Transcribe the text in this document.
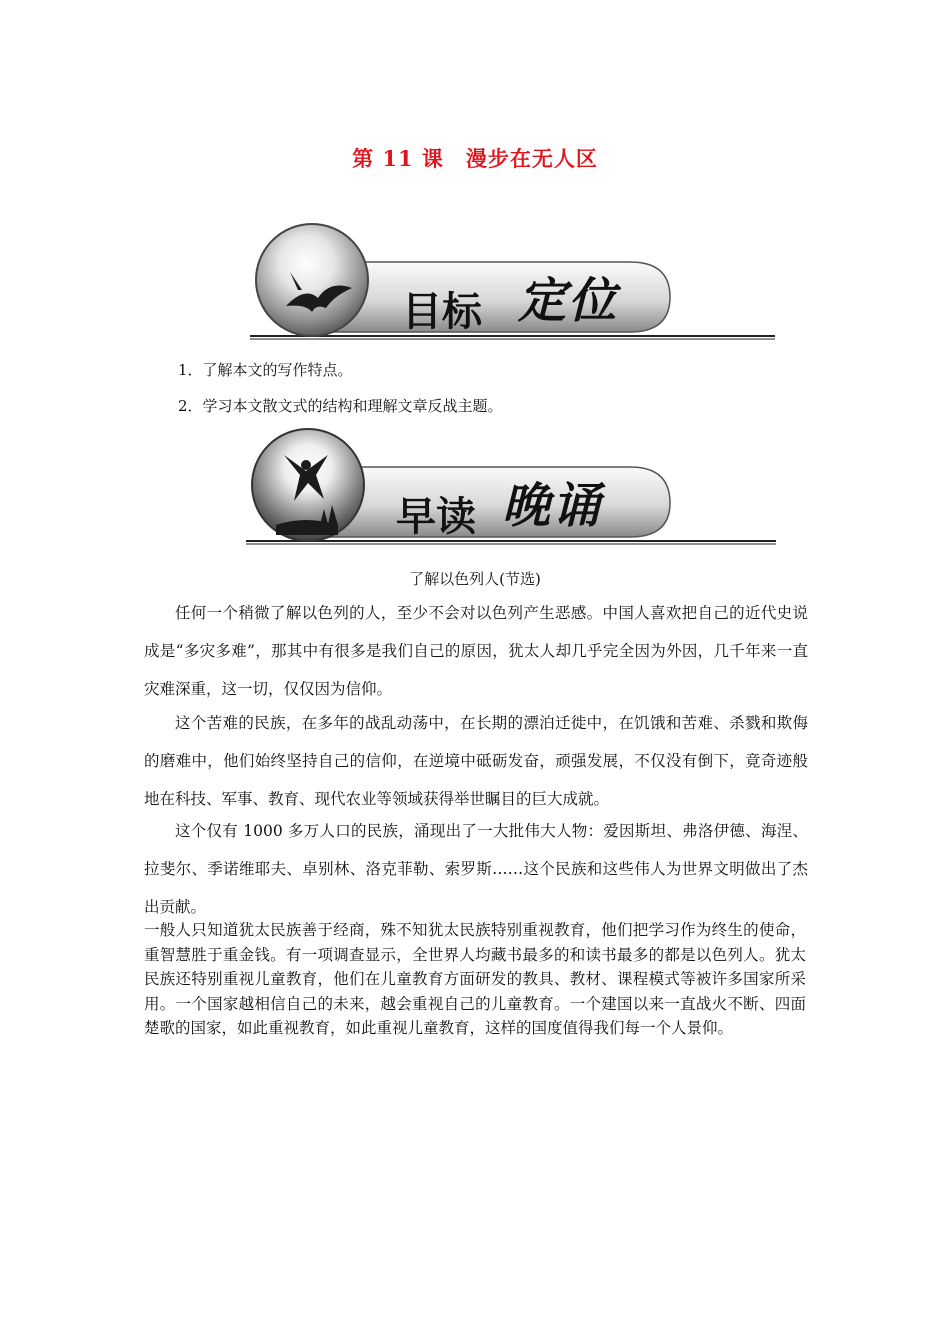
第 11 课 漫步在无人区
目标 定位
1．了解本文的写作特点。
2．学习本文散文式的结构和理解文章反战主题。
早读 晚诵
了解以色列人(节选)
任何一个稍微了解以色列的人，至少不会对以色列产生恶感。中国人喜欢把自己的近代史说成是“多灾多难”，那其中有很多是我们自己的原因，犹太人却几乎完全因为外因，几千年来一直灾难深重，这一切，仅仅因为信仰。
这个苦难的民族，在多年的战乱动荡中，在长期的漂泊迁徙中，在饥饿和苦难、杀戮和欺侮的磨难中，他们始终坚持自己的信仰，在逆境中砥砺发奋，顽强发展，不仅没有倒下，竟奇迹般地在科技、军事、教育、现代农业等领域获得举世瞩目的巨大成就。
这个仅有 1000 多万人口的民族，涌现出了一大批伟大人物：爱因斯坦、弗洛伊德、海涅、拉斐尔、季诺维耶夫、卓别林、洛克菲勒、索罗斯……这个民族和这些伟人为世界文明做出了杰出贡献。
一般人只知道犹太民族善于经商，殊不知犹太民族特别重视教育，他们把学习作为终生的使命，重智慧胜于重金钱。有一项调查显示，全世界人均藏书最多的和读书最多的都是以色列人。犹太民族还特别重视儿童教育，他们在儿童教育方面研发的教具、教材、课程模式等被许多国家所采用。一个国家越相信自己的未来，越会重视自己的儿童教育。一个建国以来一直战火不断、四面楚歌的国家，如此重视教育，如此重视儿童教育，这样的国度值得我们每一个人景仰。
